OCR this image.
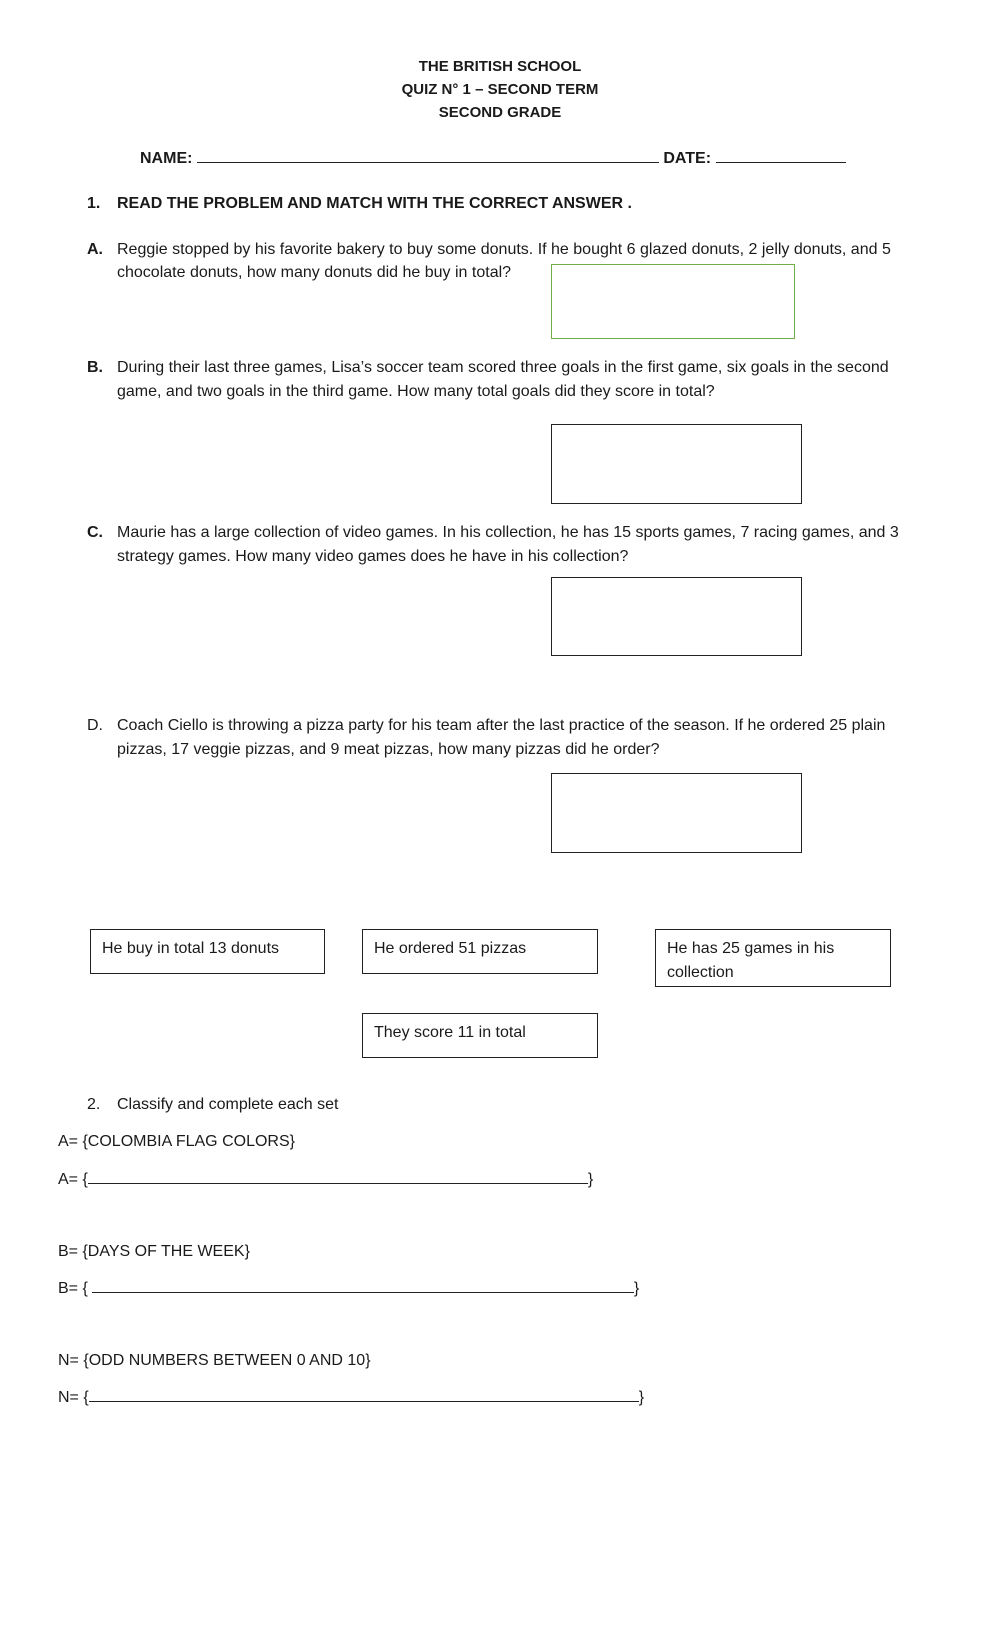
THE BRITISH SCHOOL
QUIZ N° 1 – SECOND TERM
SECOND GRADE
NAME:	DATE:
1. READ THE PROBLEM AND MATCH WITH THE CORRECT ANSWER .
A. Reggie stopped by his favorite bakery to buy some donuts. If he bought 6 glazed donuts, 2 jelly donuts, and 5
chocolate donuts, how many donuts did he buy in total?
B. During their last three games, Lisa’s soccer team scored three goals in the first game, six goals in the second
game, and two goals in the third game. How many total goals did they score in total?
C. Maurie has a large collection of video games. In his collection, he has 15 sports games, 7 racing games, and 3
strategy games. How many video games does he have in his collection?
D. Coach Ciello is throwing a pizza party for his team after the last practice of the season. If he ordered 25 plain
pizzas, 17 veggie pizzas, and 9 meat pizzas, how many pizzas did he order?
He buy in total 13 donuts	He ordered 51 pizzas	He has 25 games in his collection
They score 11 in total
2. Classify and complete each set
A= {COLOMBIA FLAG COLORS}
A= {	}
B= {DAYS OF THE WEEK}
B= {	}
N= {ODD NUMBERS BETWEEN 0 AND 10}
N= {	}
